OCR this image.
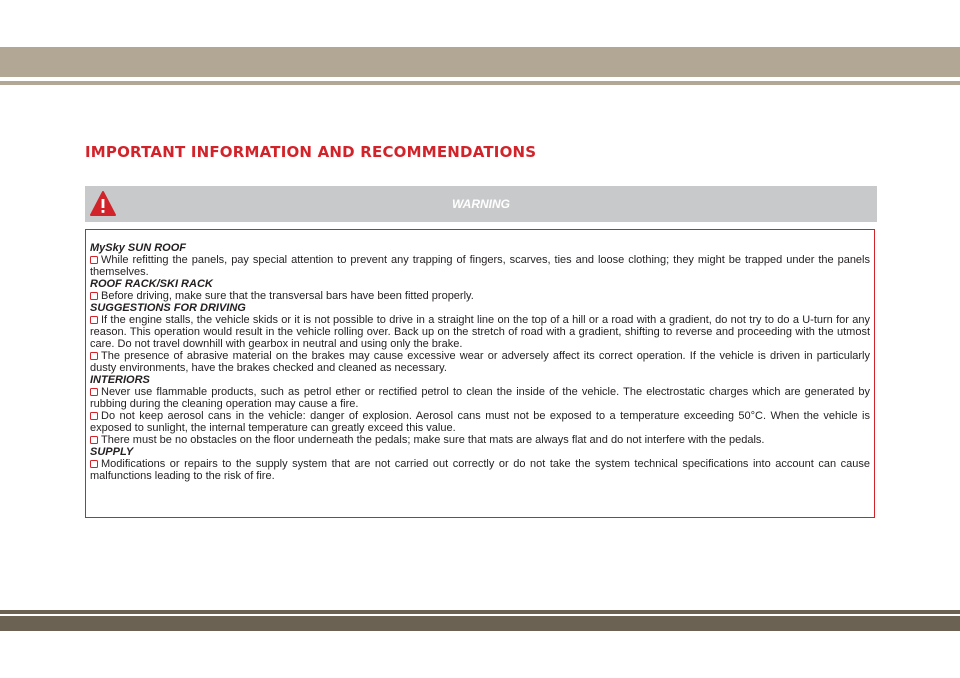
IMPORTANT INFORMATION AND RECOMMENDATIONS
WARNING

MySky SUN ROOF

While refitting the panels, pay special attention to prevent any trapping of fingers, scarves, ties and loose clothing; they might be trapped under the panels themselves.

ROOF RACK/SKI RACK

Before driving, make sure that the transversal bars have been fitted properly.

SUGGESTIONS FOR DRIVING

If the engine stalls, the vehicle skids or it is not possible to drive in a straight line on the top of a hill or a road with a gradient, do not try to do a U-turn for any reason. This operation would result in the vehicle rolling over. Back up on the stretch of road with a gradient, shifting to reverse and proceeding with the utmost care. Do not travel downhill with gearbox in neutral and using only the brake.

The presence of abrasive material on the brakes may cause excessive wear or adversely affect its correct operation. If the vehicle is driven in particularly dusty environments, have the brakes checked and cleaned as necessary.

INTERIORS

Never use flammable products, such as petrol ether or rectified petrol to clean the inside of the vehicle. The electrostatic charges which are generated by rubbing during the cleaning operation may cause a fire.

Do not keep aerosol cans in the vehicle: danger of explosion. Aerosol cans must not be exposed to a temperature exceeding 50°C. When the vehicle is exposed to sunlight, the internal temperature can greatly exceed this value.

There must be no obstacles on the floor underneath the pedals; make sure that mats are always flat and do not interfere with the pedals.

SUPPLY

Modifications or repairs to the supply system that are not carried out correctly or do not take the system technical specifications into account can cause malfunctions leading to the risk of fire.
